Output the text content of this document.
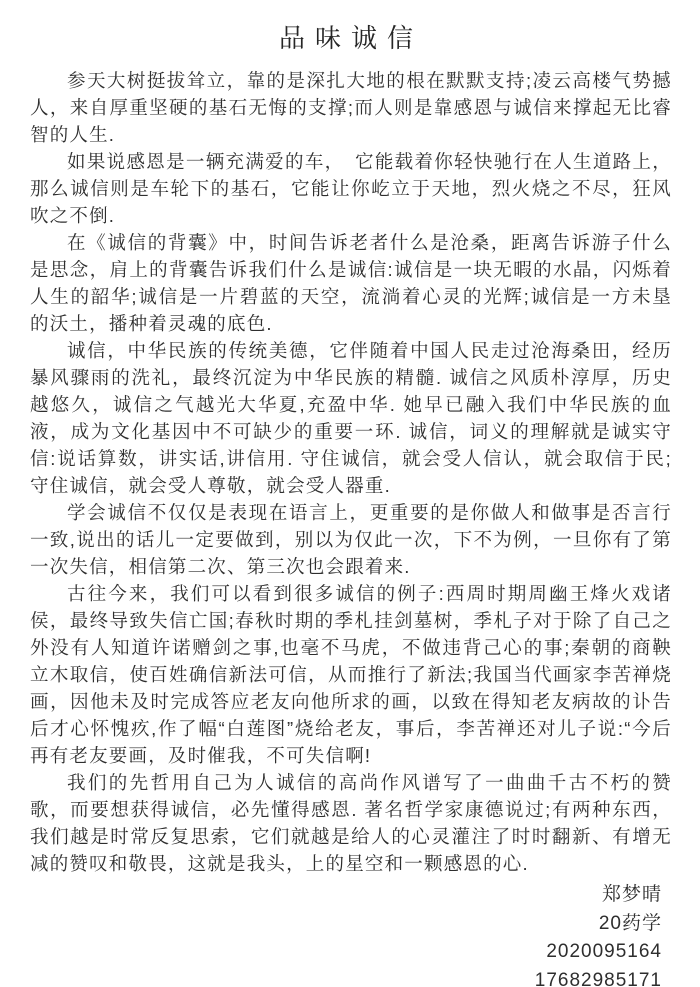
品味诚信

参天大树挺拔耸立，靠的是深扎大地的根在默默支持;凌云高楼气势撼人，来自厚重坚硬的基石无悔的支撑;而人则是靠感恩与诚信来撑起无比睿智的人生.

如果说感恩是一辆充满爱的车，　它能载着你轻快驰行在人生道路上，那么诚信则是车轮下的基石，它能让你屹立于天地，烈火烧之不尽，狂风吹之不倒.

在《诚信的背囊》中，时间告诉老者什么是沧桑，距离告诉游子什么是思念，肩上的背囊告诉我们什么是诚信:诚信是一块无暇的水晶，闪烁着人生的韶华;诚信是一片碧蓝的天空，流淌着心灵的光辉;诚信是一方未垦的沃土，播种着灵魂的底色.

诚信，中华民族的传统美德，它伴随着中国人民走过沧海桑田，经历暴风骤雨的洗礼，最终沉淀为中华民族的精髓. 诚信之风质朴淳厚，历史越悠久，诚信之气越光大华夏,充盈中华. 她早已融入我们中华民族的血液，成为文化基因中不可缺少的重要一环. 诚信，词义的理解就是诚实守信:说话算数，讲实话,讲信用. 守住诚信，就会受人信认，就会取信于民;守住诚信，就会受人尊敬，就会受人器重.

学会诚信不仅仅是表现在语言上，更重要的是你做人和做事是否言行一致,说出的话儿一定要做到，别以为仅此一次，下不为例，一旦你有了第一次失信，相信第二次、第三次也会跟着来.

古往今来，我们可以看到很多诚信的例子:西周时期周幽王烽火戏诸侯，最终导致失信亡国;春秋时期的季札挂剑墓树，季札子对于除了自己之外没有人知道许诺赠剑之事,也毫不马虎，不做违背己心的事;秦朝的商鞅立木取信，使百姓确信新法可信，从而推行了新法;我国当代画家李苦禅烧画，因他未及时完成答应老友向他所求的画，以致在得知老友病故的讣告后才心怀愧疚,作了幅“白莲图”烧给老友，事后，李苦禅还对儿子说:“今后再有老友要画，及时催我，不可失信啊!

我们的先哲用自己为人诚信的高尚作风谱写了一曲曲千古不朽的赞歌，而要想获得诚信，必先懂得感恩. 著名哲学家康德说过;有两种东西，我们越是时常反复思索，它们就越是给人的心灵灌注了时时翻新、有增无减的赞叹和敬畏，这就是我头，上的星空和一颗感恩的心.

郑梦晴
20药学
2020095164
17682985171
